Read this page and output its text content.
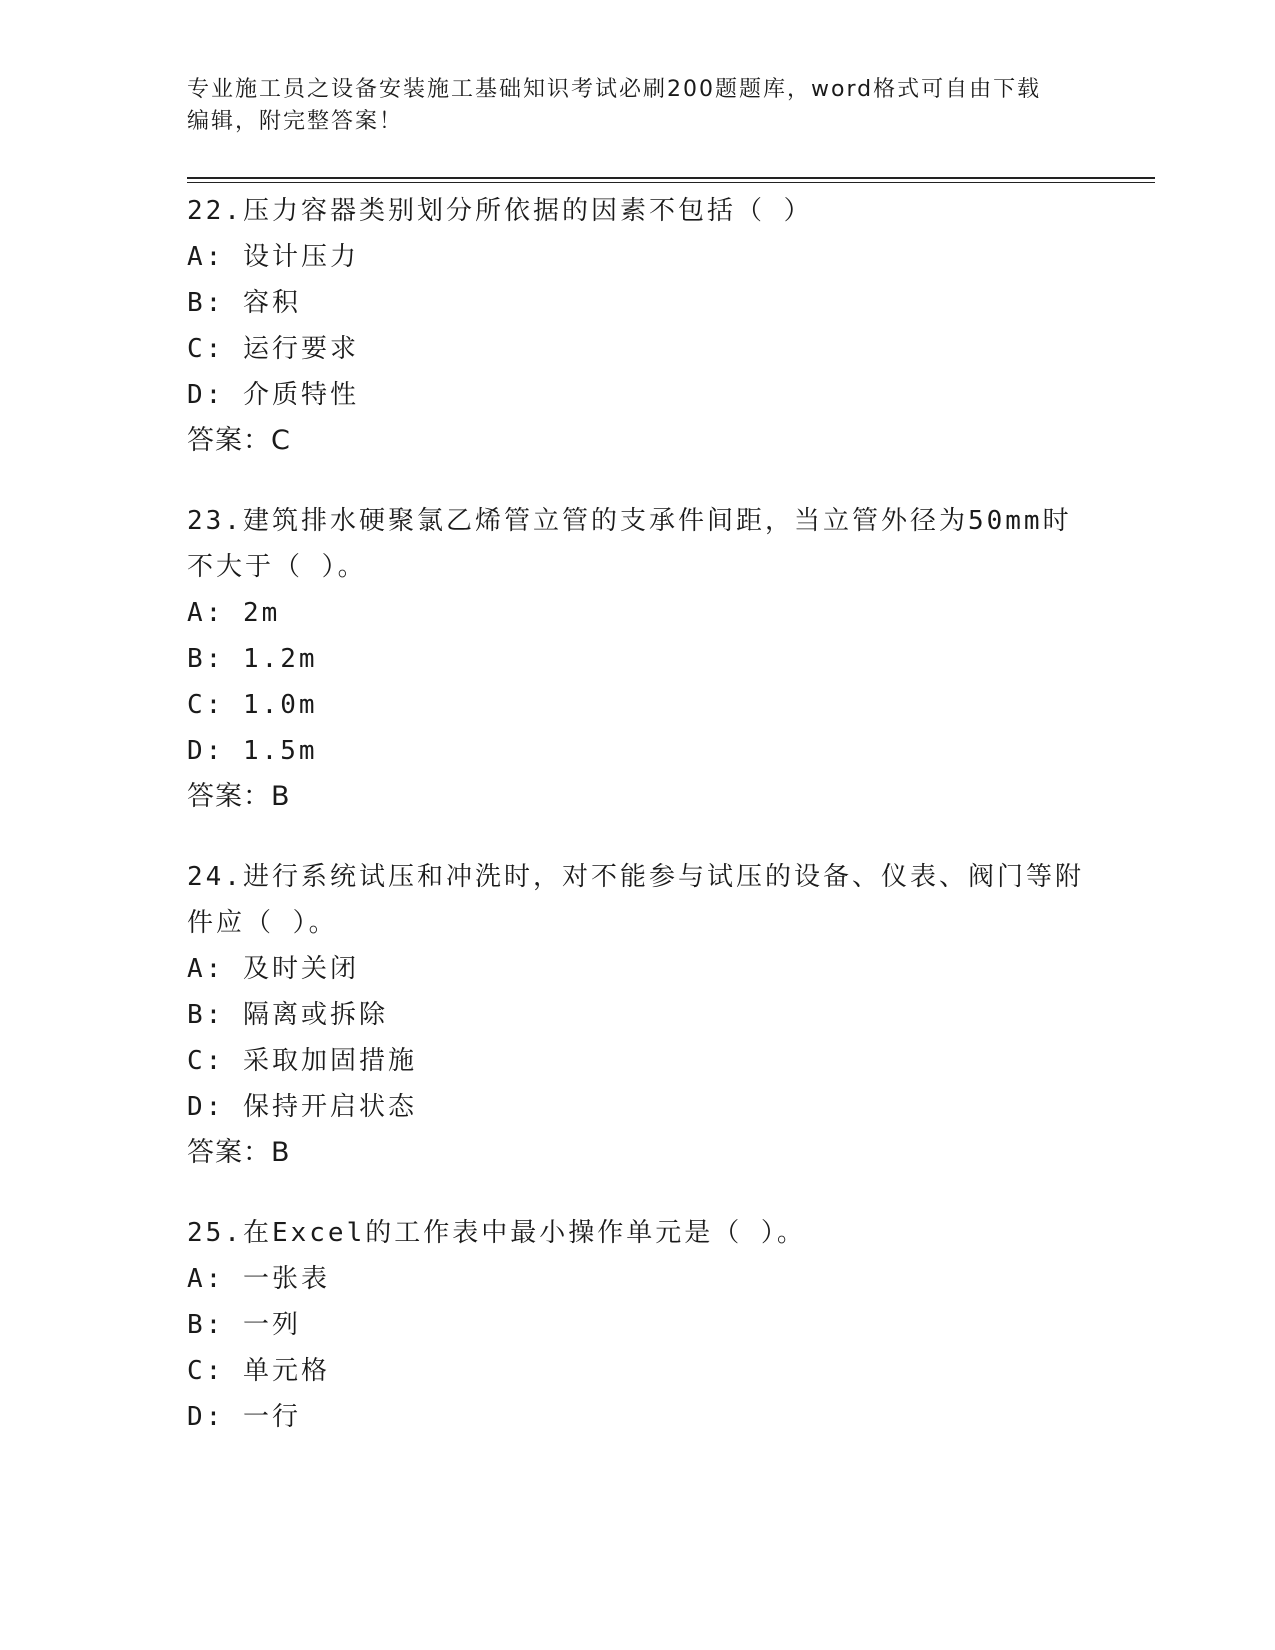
专业施工员之设备安装施工基础知识考试必刷200题题库，word格式可自由下载
编辑，附完整答案！

22.压力容器类别划分所依据的因素不包括（ ）

A: 设计压力

B: 容积

C: 运行要求

D: 介质特性

答案：C

23.建筑排水硬聚氯乙烯管立管的支承件间距，当立管外径为50mm时

不大于（ ）。

A: 2m

B: 1.2m

C: 1.0m

D: 1.5m

答案：B

24.进行系统试压和冲洗时，对不能参与试压的设备、仪表、阀门等附

件应（ ）。

A: 及时关闭

B: 隔离或拆除

C: 采取加固措施

D: 保持开启状态

答案：B

25.在Excel的工作表中最小操作单元是（ ）。

A: 一张表

B: 一列

C: 单元格

D: 一行
